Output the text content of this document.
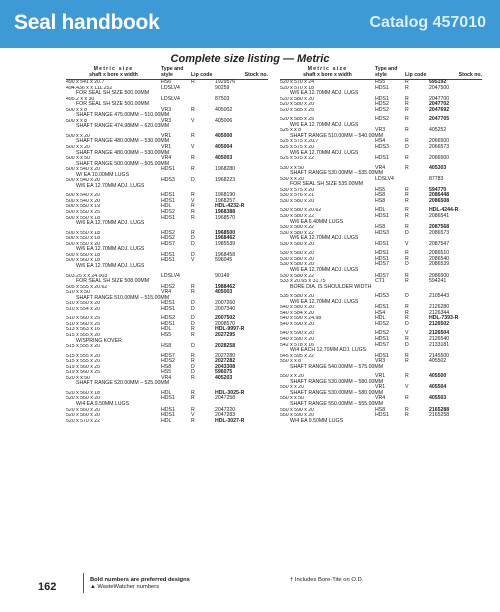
Seal handbook	Catalog 457010
Complete size listing — Metric
Metric size
shaft x bore x width
Type and style	Lip code	Stock no.
490 x 541 x 20.7	HS6	R	1929576
494.436 x x 111.252	LDSLV4	90259
FOR SEAL SH SIZE 500.00MM
495.2 x x 30	LDSLV4	87503
FOR SEAL SH SIZE 500.00MM
500 x x 8	VR3	R	405002
SHAFT RANGE 475.00MM – 510.00MM
500 x x 8	VR3	V	405006
SHAFT RANGE 474.98MM – 620.03MM
500 x x 20	VR1	R	405000
SHAFT RANGE 480.00MM – 530.00MM
500 x x 20	VR1	V	405004
SHAFT RANGE 480.00MM – 530.00MM
500 x x 50	VR4	R	405003
SHAFT RANGE 500.00MM – 505.00MM
500 x 540 x 20	HDS1	R	1968280
W/ EA 10.00MM LUGS
500 x 540 x 20	HDS3	D	1968223
W/6 EA 12.70MM ADJ. LUGS
500 x 540 x 20	HDS1	R	1968190
500 x 540 x 20	HDS1	V	1968257
500 x 550 x 19	HDL	R	HDL-4232-R
500 x 550 x 25	HDS2	R	1968388
500 x 550 x 18	HDS1	R	1968570
W/6 EA 12.70MM ADJ. LUGS
500 x 550 x 18	HDS2	R	1968500
500 x 550 x 18	HDS2	D	1968462
500 x 550 x 20	HDS7	D	1985539
W/6 EA 12.70MM ADJ. LUGS
500 x 550 x 18	HDS1	D	1968458
500 x 560 x 18	HDS1	V	596045
W/6 EA 12.70MM ADJ. LUGS
503.25 x x 24.003	LDSLV4	90149
FOR SEAL SH SIZE 508.00MM
505 x 555 x 20.62	HDS2	R	1988462
510 x x 50	VR4	R	405003
SHAFT RANGE 510.00MM – 515.00MM
510 x 550 x 20	HDS1	D	2007260
510 x 554 x 20	HDS1	D	2007340
510 x 560 x 25	HDS2	D	2007502
510 x 560 x 25	HDS1	D	2008570
513 x 563 x 16	HDL	R	HDL-9997-R
515 x 555 x 20	HS5	R	2027295
W/SPRING KOVER
515 x 555 x 20	HS8	D	2028258
515 x 555 x 20	HDS7	R	2027280
515 x 555 x 20	HDS2	R	2027282
519 x 560 x 25	HS8	D	2043308
519 x 560 x 25	HS5	D	596075
520 x x 50	VR4	R	405203
SHAFT RANGE 520.00MM – 525.00MM
520 x 560 x 18	HDL	R	HDL-3025-R
520 x 560 x 20	HDS1	R	2047258
W/4 EA 9.50MM LUGS
520 x 560 x 20	HDS1	R	2047220
520 x 560 x 20	HDS1	V	2047283
520 x 570 x 22	HDL	R	HDL-3027-R
Metric size
shaft x bore x width
Type and style	Lip code	Stock no.
520 x 570 x 24	HS5	R	595192
520 x 570 x 18	HDS1	R	2047500
W/6 EA 12.70MM ADJ. LUGS
520 x 580 x 20	HDS1	R	2047700
520 x 580 x 20	HDS2	R	2047702
520 x 585 x 25	HDS2	R	2047692
520 x 585 x 25	HDS2	R	2047705
W/6 EA 12.70MM ADJ. LUGS
525 x x 8	VR3	R	405252
SHAFT RANGE 510.00MM – 540.00MM
525 x 575 x 20.7	HS4	R	2066500
525 x 575 x 20	HDS3	D	2066573
W/6 EA 12.70MM ADJ. LUGS
525 x 575 x 22	HDS1	R	2066500
530 x x 50	VR4	R	405303
SHAFT RANGE 530.00MM – 535.00MM
530 x x 20	LDSLV4	87783
FOR SEAL SH SIZE 535.00MM
530 x 575 x 20	HS5	R	594770
530 x 576 x 21	HS8	R	2086448
530 x 580 x 20	HS8	R	2086508
530 x 580 x 20.62	HDL	R	HDL-4244-R
530 x 580 x 22	HDS1	R	2086541
W/6 EA 6.40MM LUGS
530 x 580 x 22	HS8	R	2087568
530 x 580 x 22	HDS3	D	2086573
W/6 EA 12.70MM ADJ. LUGS
530 x 580 x 20	HDS1	V	2087547
530 x 580 x 20	HDS1	R	2086510
530 x 580 x 20	HDS1	R	2086540
530 x 580 x 20	HDS7	D	2086539
W/6 EA 12.70MM ADJ. LUGS
530 x 580 x 22	HDS7	R	2086500
533 x 20.65 x 31.75	CT1	R	594241
BORE DIA. IS SHOULDER WIDTH
535 x 580 x 20	HDS3	D	2105443
W/6 EA 12.70MM ADJ. LUGS
540 x 580 x 20	HDS1	R	2126280
540 x 584 x 20	HS4	R	2126344
540 x 590 x 24.98	HDL	R	HDL-7393-R
540 x 590 x 20	HDS2	D	2126502
540 x 590 x 20	HDS2	V	2126504
540 x 590 x 20	HDS1	R	2126540
542 x 578 x 16	HDS7	D	2133181
W/4 EACH 12.70MM ADJ. LUGS
545 x 595 x 22	HDS1	R	2145500
550 x x 8	VR3	R	405502
SHAFT RANGE 540.00MM – 575.00MM
550 x x 20	VR1	R	405500
SHAFT RANGE 530.00MM – 580.00MM
550 x x 20	VR1	V	405504
SHAFT RANGE 530.00MM – 580.00MM
550 x x 50	VR4	R	405503
SHAFT RANGE 550.00MM – 555.00MM
550 x 590 x 20	HS8	R	2165288
550 x 590 x 20	HDS1	R	2165258
W/4 EA 9.50MM LUGS
162
Bold numbers are preferred designs
▲ WasteWatcher numbers
† Includes Bore-Tite on O.D.
